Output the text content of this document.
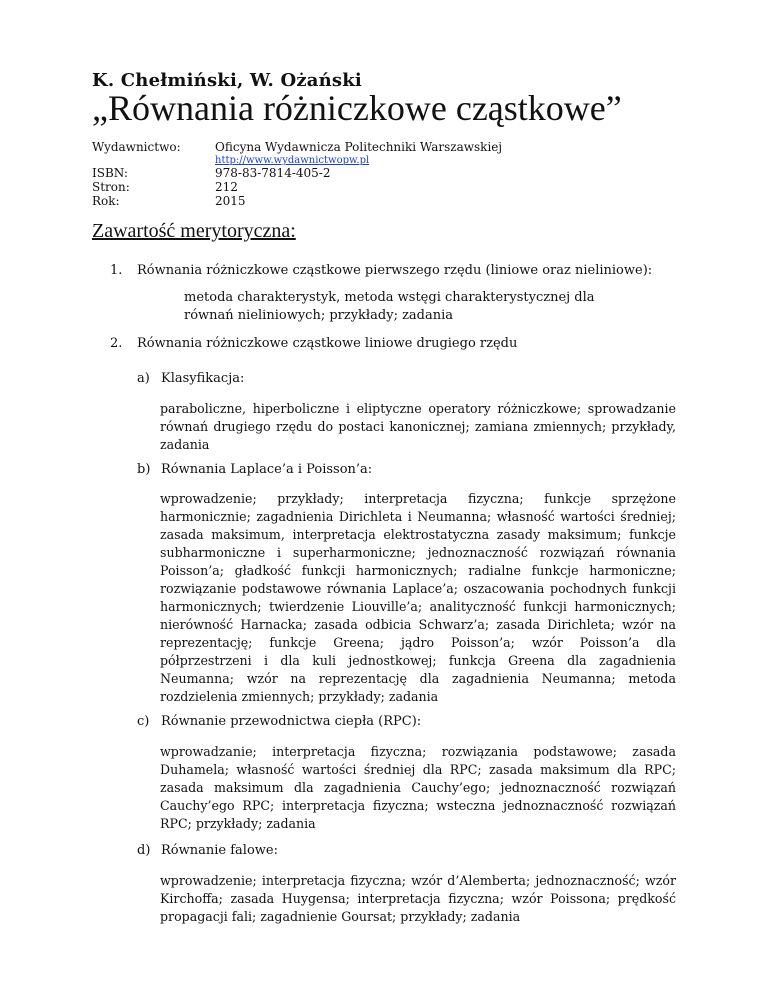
K. Chełmiński, W. Ożański
„Równania różniczkowe cząstkowe”
Wydawnictwo:	Oficyna Wydawnicza Politechniki Warszawskiej
http://www.wydawnictwopw.pl
ISBN:	978-83-7814-405-2
Stron:	212
Rok:	2015
Zawartość merytoryczna:
1. Równania różniczkowe cząstkowe pierwszego rzędu (liniowe oraz nieliniowe):
metoda charakterystyk, metoda wstęgi charakterystycznej dla równań nieliniowych; przykłady; zadania
2. Równania różniczkowe cząstkowe liniowe drugiego rzędu
a) Klasyfikacja:
paraboliczne, hiperboliczne i eliptyczne operatory różniczkowe; sprowadzanie równań drugiego rzędu do postaci kanonicznej; zamiana zmiennych; przykłady, zadania
b) Równania Laplace’a i Poisson’a:
wprowadzenie; przykłady; interpretacja fizyczna; funkcje sprzężone harmonicznie; zagadnienia Dirichleta i Neumanna; własność wartości średniej; zasada maksimum, interpretacja elektrostatyczna zasady maksimum; funkcje subharmoniczne i superharmoniczne; jednoznaczność rozwiązań równania Poisson’a; gładkość funkcji harmonicznych; radialne funkcje harmoniczne; rozwiązanie podstawowe równania Laplace’a; oszacowania pochodnych funkcji harmonicznych; twierdzenie Liouville’a; analityczność funkcji harmonicznych; nierówność Harnacka; zasada odbicia Schwarz’a; zasada Dirichleta; wzór na reprezentację; funkcje Greena; jądro Poisson’a; wzór Poisson’a dla półprzestrzeni i dla kuli jednostkowej; funkcja Greena dla zagadnienia Neumanna; wzór na reprezentację dla zagadnienia Neumanna; metoda rozdzielenia zmiennych; przykłady; zadania
c) Równanie przewodnictwa ciepła (RPC):
wprowadzanie; interpretacja fizyczna; rozwiązania podstawowe; zasada Duhamela; własność wartości średniej dla RPC; zasada maksimum dla RPC; zasada maksimum dla zagadnienia Cauchy’ego; jednoznaczność rozwiązań Cauchy’ego RPC; interpretacja fizyczna; wsteczna jednoznaczność rozwiązań RPC; przykłady; zadania
d) Równanie falowe:
wprowadzenie; interpretacja fizyczna; wzór d’Alemberta; jednoznaczność; wzór Kirchoffa; zasada Huygensa; interpretacja fizyczna; wzór Poissona; prędkość propagacji fali; zagadnienie Goursat; przykłady; zadania
